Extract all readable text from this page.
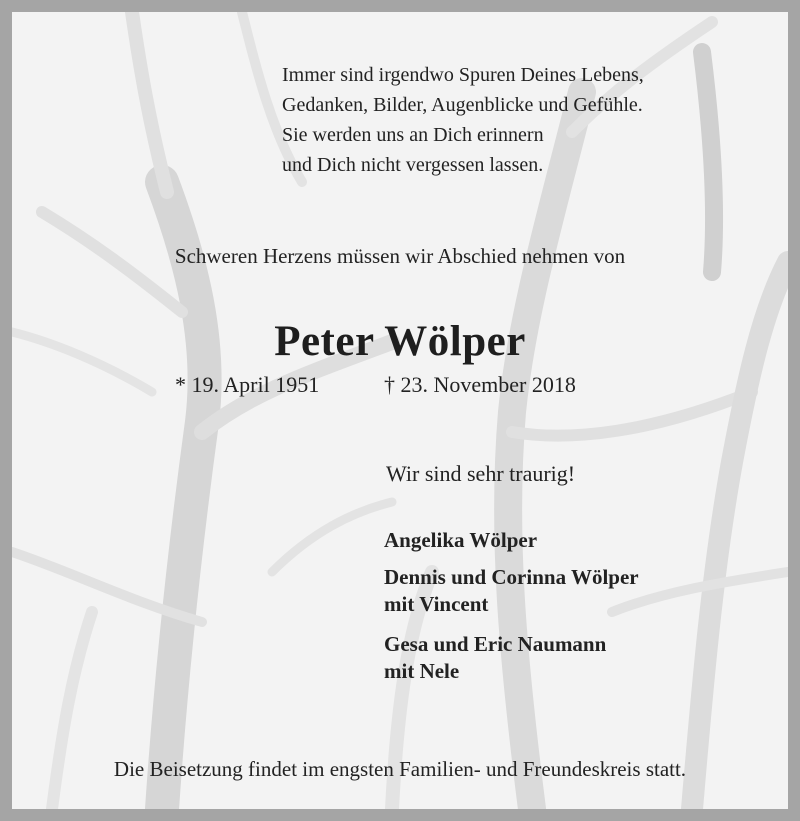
Immer sind irgendwo Spuren Deines Lebens,
Gedanken, Bilder, Augenblicke und Gefühle.
Sie werden uns an Dich erinnern
und Dich nicht vergessen lassen.
Schweren Herzens müssen wir Abschied nehmen von
Peter Wölper
* 19. April 1951	† 23. November 2018
Wir sind sehr traurig!
Angelika Wölper
Dennis und Corinna Wölper
mit Vincent
Gesa und Eric Naumann
mit Nele
Die Beisetzung findet im engsten Familien- und Freundeskreis statt.
